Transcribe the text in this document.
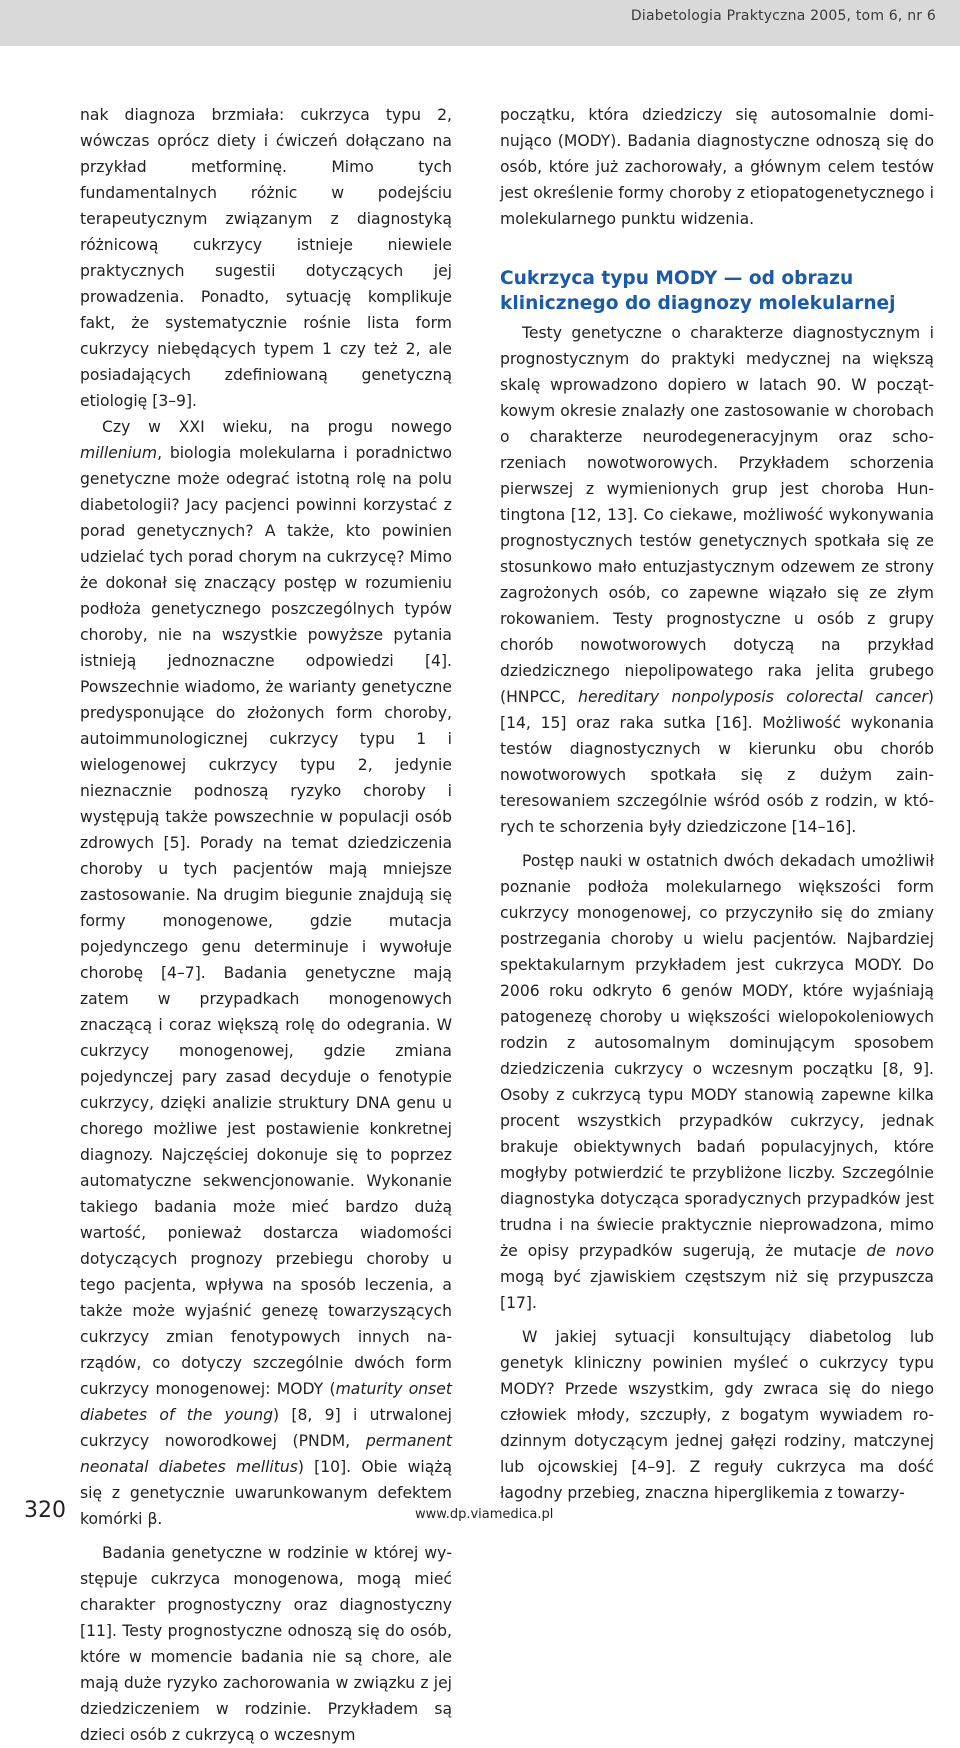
Diabetologia Praktyczna 2005, tom 6, nr 6

nak diagnoza brzmiała: cukrzyca typu 2, wówczas oprócz diety i ćwiczeń dołączano na przykład metforminę. Mimo tych fundamentalnych różnic w podejściu terapeutycznym związanym z diagnostyką różnicową cukrzycy istnieje niewiele praktycznych sugestii dotyczących jej prowadzenia. Ponadto, sytuację komplikuje fakt, że systematycznie rośnie lista form cukrzycy niebędących typem 1 czy też 2, ale posiadających zdefiniowaną genetyczną etiologię [3–9].

Czy w XXI wieku, na progu nowego millenium, biologia molekularna i poradnictwo genetyczne może odegrać istotną rolę na polu diabetologii? Jacy pacjenci powinni korzystać z porad genetycznych? A także, kto powinien udzielać tych porad chorym na cukrzycę? Mimo że dokonał się znaczący postęp w rozumieniu podłoża genetycznego poszczególnych typów choroby, nie na wszystkie powyższe pytania istnieją jednoznaczne odpowiedzi [4]. Powszechnie wiadomo, że warianty genetyczne predysponujące do złożonych form choroby, autoimmunologicznej cukrzycy typu 1 i wielogenowej cukrzycy typu 2, jedynie nieznacznie podnoszą ryzyko choroby i występują także powszechnie w populacji osób zdrowych [5]. Porady na temat dziedziczenia choroby u tych pacjentów mają mniejsze zastosowanie. Na drugim biegunie znajdują się formy monogenowe, gdzie mutacja pojedynczego genu determinuje i wywołuje chorobę [4–7]. Badania genetyczne mają zatem w przypadkach monogenowych znaczącą i coraz większą rolę do odegrania. W cukrzycy monogenowej, gdzie zmiana pojedynczej pary zasad decyduje o fenotypie cukrzycy, dzięki analizie struktury DNA genu u chorego możliwe jest postawienie konkretnej diagnozy. Najczęściej dokonuje się to poprzez automatyczne sekwencjonowanie. Wykonanie takiego badania może mieć bardzo dużą wartość, ponieważ dostarcza wiadomości dotyczących prognozy przebiegu choroby u tego pacjenta, wpływa na sposób leczenia, a także może wyjaśnić genezę towarzyszących cukrzycy zmian fenotypowych innych narządów, co dotyczy szczególnie dwóch form cukrzycy monogenowej: MODY (maturity onset diabetes of the young) [8, 9] i utrwalonej cukrzycy noworodkowej (PNDM, permanent neonatal diabetes mellitus) [10]. Obie wiążą się z genetycznie uwarunkowanym defektem komórki β.

Badania genetyczne w rodzinie w której występuje cukrzyca monogenowa, mogą mieć charakter prognostyczny oraz diagnostyczny [11]. Testy prognostyczne odnoszą się do osób, które w momencie badania nie są chore, ale mają duże ryzyko zachorowania w związku z jej dziedziczeniem w rodzinie. Przykładem są dzieci osób z cukrzycą o wczesnym

początku, która dziedziczy się autosomalnie dominująco (MODY). Badania diagnostyczne odnoszą się do osób, które już zachorowały, a głównym celem testów jest określenie formy choroby z etiopatogenetycznego i molekularnego punktu widzenia.

Cukrzyca typu MODY — od obrazu klinicznego do diagnozy molekularnej

Testy genetyczne o charakterze diagnostycznym i prognostycznym do praktyki medycznej na większą skalę wprowadzono dopiero w latach 90. W początkowym okresie znalazły one zastosowanie w chorobach o charakterze neurodegeneracyjnym oraz schorzeniach nowotworowych. Przykładem schorzenia pierwszej z wymienionych grup jest choroba Huntingtona [12, 13]. Co ciekawe, możliwość wykonywania prognostycznych testów genetycznych spotkała się ze stosunkowo mało entuzjastycznym odzewem ze strony zagrożonych osób, co zapewne wiązało się ze złym rokowaniem. Testy prognostyczne u osób z grupy chorób nowotworowych dotyczą na przykład dziedzicznego niepolipowatego raka jelita grubego (HNPCC, hereditary nonpolyposis colorectal cancer) [14, 15] oraz raka sutka [16]. Możliwość wykonania testów diagnostycznych w kierunku obu chorób nowotworowych spotkała się z dużym zainteresowaniem szczególnie wśród osób z rodzin, w których te schorzenia były dziedziczone [14–16].

Postęp nauki w ostatnich dwóch dekadach umożliwił poznanie podłoża molekularnego większości form cukrzycy monogenowej, co przyczyniło się do zmiany postrzegania choroby u wielu pacjentów. Najbardziej spektakularnym przykładem jest cukrzyca MODY. Do 2006 roku odkryto 6 genów MODY, które wyjaśniają patogenezę choroby u większości wielopokoleniowych rodzin z autosomalnym dominującym sposobem dziedziczenia cukrzycy o wczesnym początku [8, 9]. Osoby z cukrzycą typu MODY stanowią zapewne kilka procent wszystkich przypadków cukrzycy, jednak brakuje obiektywnych badań populacyjnych, które mogłyby potwierdzić te przybliżone liczby. Szczególnie diagnostyka dotycząca sporadycznych przypadków jest trudna i na świecie praktycznie nieprowadzona, mimo że opisy przypadków sugerują, że mutacje de novo mogą być zjawiskiem częstszym niż się przypuszcza [17].

W jakiej sytuacji konsultujący diabetolog lub genetyk kliniczny powinien myśleć o cukrzycy typu MODY? Przede wszystkim, gdy zwraca się do niego człowiek młody, szczupły, z bogatym wywiadem rodzinnym dotyczącym jednej gałęzi rodziny, matczynej lub ojcowskiej [4–9]. Z reguły cukrzyca ma dość łagodny przebieg, znaczna hiperglikemia z towarzy-

320	www.dp.viamedica.pl
